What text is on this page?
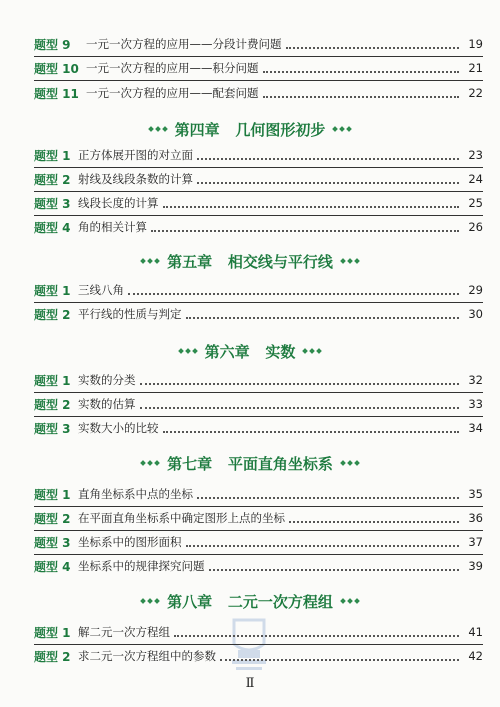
题型 9	一元一次方程的应用——分段计费问题	19
题型 10 一元一次方程的应用——积分问题	21
题型 11 一元一次方程的应用——配套问题	22
第四章   几何图形初步
题型 1 正方体展开图的对立面	23
题型 2 射线及线段条数的计算	24
题型 3 线段长度的计算	25
题型 4 角的相关计算	26
第五章   相交线与平行线
题型 1 三线八角	29
题型 2 平行线的性质与判定	30
第六章   实数
题型 1 实数的分类	32
题型 2 实数的估算	33
题型 3 实数大小的比较	34
第七章   平面直角坐标系
题型 1 直角坐标系中点的坐标	35
题型 2 在平面直角坐标系中确定图形上点的坐标	36
题型 3 坐标系中的图形面积	37
题型 4 坐标系中的规律探究问题	39
第八章   二元一次方程组
题型 1 解二元一次方程组	41
题型 2 求二元一次方程组中的参数	42
Ⅱ
